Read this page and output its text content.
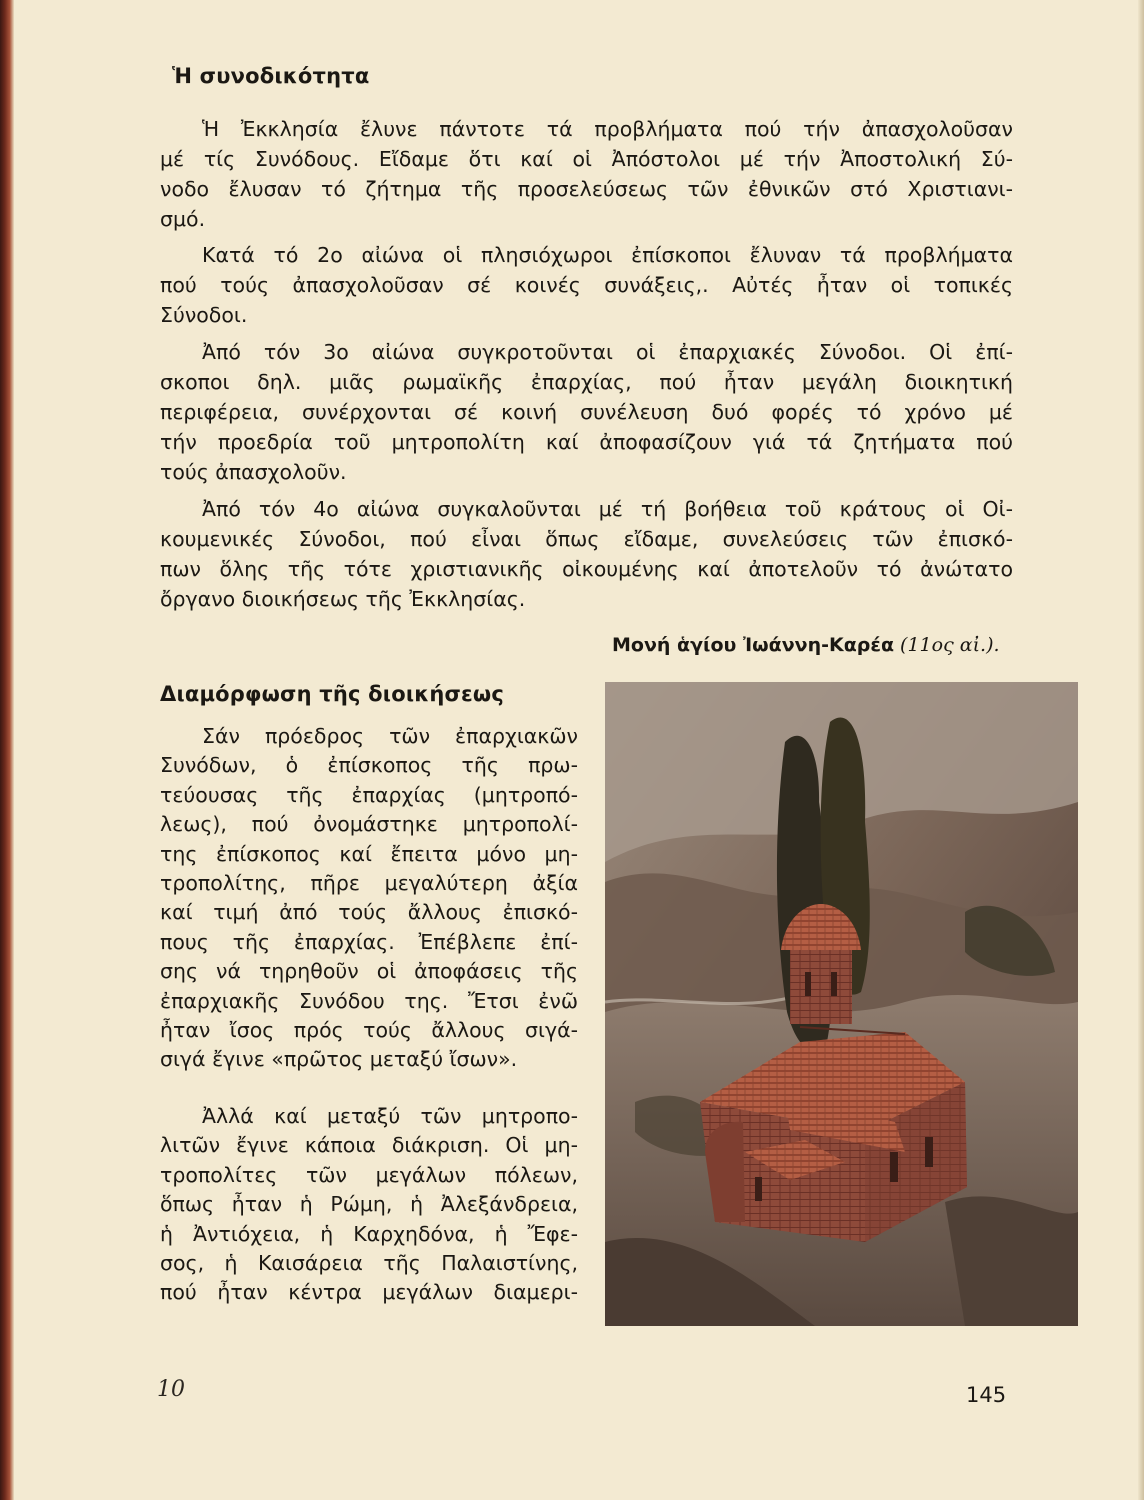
Ἡ συνοδικότητα

Ἡ Ἐκκλησία ἔλυνε πάντοτε τά προβλήματα πού τήν ἀπασχολοῦσαν
μέ τίς Συνόδους. Εἴδαμε ὅτι καί οἱ Ἀπόστολοι μέ τήν Ἀποστολική Σύ-
νοδο ἔλυσαν τό ζήτημα τῆς προσελεύσεως τῶν ἐθνικῶν στό Χριστιανι-
σμό.

Κατά τό 2ο αἰώνα οἱ πλησιόχωροι ἐπίσκοποι ἔλυναν τά προβλήματα
πού τούς ἀπασχολοῦσαν σέ κοινές συνάξεις,. Αὐτές ἦταν οἱ τοπικές
Σύνοδοι.

Ἀπό τόν 3ο αἰώνα συγκροτοῦνται οἱ ἐπαρχιακές Σύνοδοι. Οἱ ἐπί-
σκοποι δηλ. μιᾶς ρωμαϊκῆς ἐπαρχίας, πού ἦταν μεγάλη διοικητική
περιφέρεια, συνέρχονται σέ κοινή συνέλευση δυό φορές τό χρόνο μέ
τήν προεδρία τοῦ μητροπολίτη καί ἀποφασίζουν γιά τά ζητήματα πού
τούς ἀπασχολοῦν.

Ἀπό τόν 4ο αἰώνα συγκαλοῦνται μέ τή βοήθεια τοῦ κράτους οἱ Οἰ-
κουμενικές Σύνοδοι, πού εἶναι ὅπως εἴδαμε, συνελεύσεις τῶν ἐπισκό-
πων ὅλης τῆς τότε χριστιανικῆς οἰκουμένης καί ἀποτελοῦν τό ἀνώτατο
ὄργανο διοικήσεως τῆς Ἐκκλησίας.

Μονή ἁγίου Ἰωάννη-Καρέα (11ος αἰ.).
Διαμόρφωση τῆς διοικήσεως

Σάν πρόεδρος τῶν ἐπαρχιακῶν
Συνόδων, ὁ ἐπίσκοπος τῆς πρω-
τεύουσας τῆς ἐπαρχίας (μητροπό-
λεως), πού ὀνομάστηκε μητροπολί-
της ἐπίσκοπος καί ἔπειτα μόνο μη-
τροπολίτης, πῆρε μεγαλύτερη ἀξία
καί τιμή ἀπό τούς ἄλλους ἐπισκό-
πους τῆς ἐπαρχίας. Ἐπέβλεπε ἐπί-
σης νά τηρηθοῦν οἱ ἀποφάσεις τῆς
ἐπαρχιακῆς Συνόδου της. Ἔτσι ἐνῶ
ἦταν ἴσος πρός τούς ἄλλους σιγά-
σιγά ἔγινε «πρῶτος μεταξύ ἴσων».

Ἀλλά καί μεταξύ τῶν μητροπο-
λιτῶν ἔγινε κάποια διάκριση. Οἱ μη-
τροπολίτες τῶν μεγάλων πόλεων,
ὅπως ἦταν ἡ Ρώμη, ἡ Ἀλεξάνδρεια,
ἡ Ἀντιόχεια, ἡ Καρχηδόνα, ἡ Ἔφε-
σος, ἡ Καισάρεια τῆς Παλαιστίνης,
πού ἦταν κέντρα μεγάλων διαμερι-

10	145
